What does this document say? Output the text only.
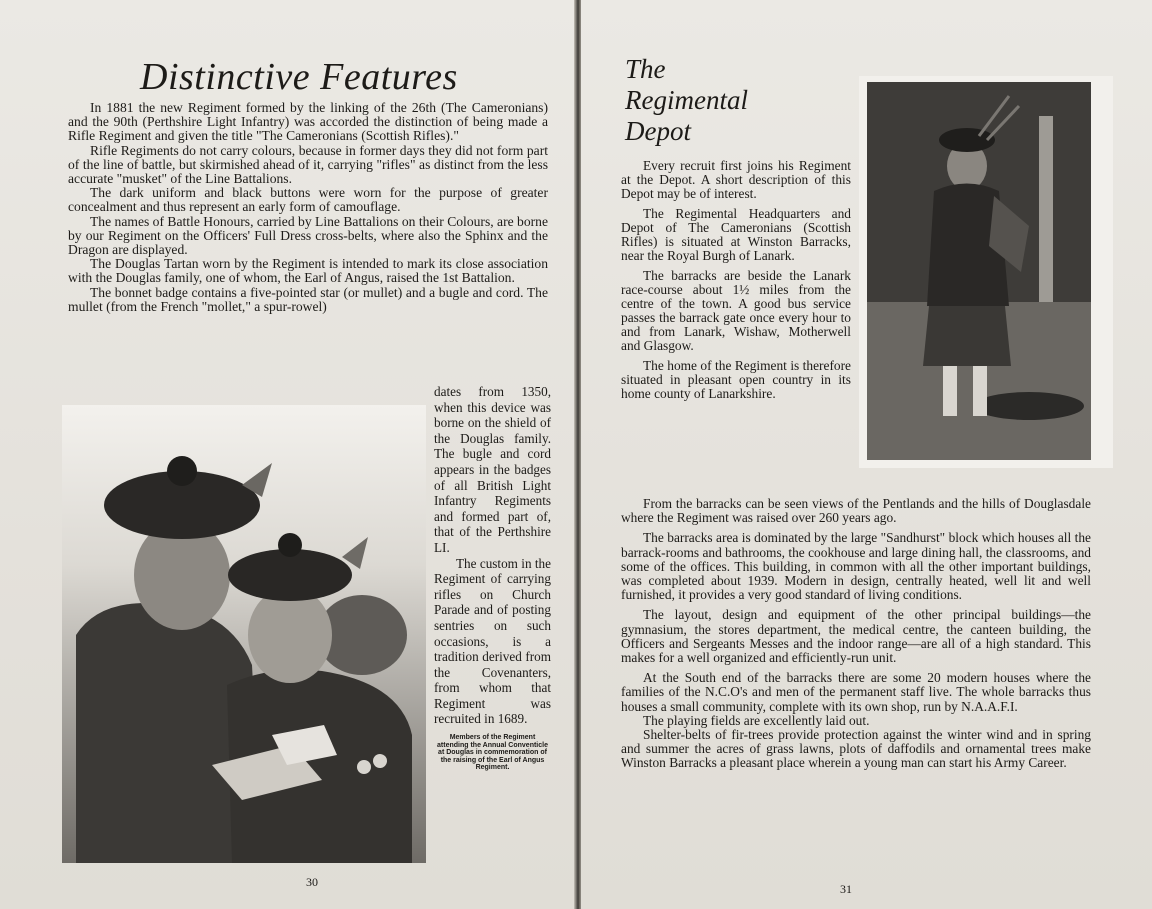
Distinctive Features

In 1881 the new Regiment formed by the linking of the 26th (The Cameronians) and the 90th (Perthshire Light Infantry) was accorded the distinction of being made a Rifle Regiment and given the title "The Cameronians (Scottish Rifles)."

Rifle Regiments do not carry colours, because in former days they did not form part of the line of battle, but skirmished ahead of it, carrying "rifles" as distinct from the less accurate "musket" of the Line Battalions.

The dark uniform and black buttons were worn for the purpose of greater concealment and thus represent an early form of camouflage.

The names of Battle Honours, carried by Line Battalions on their Colours, are borne by our Regiment on the Officers' Full Dress cross-belts, where also the Sphinx and the Dragon are displayed.

The Douglas Tartan worn by the Regiment is intended to mark its close association with the Douglas family, one of whom, the Earl of Angus, raised the 1st Battalion.

The bonnet badge contains a five-pointed star (or mullet) and a bugle and cord. The mullet (from the French "mollet," a spur-rowel)

dates from 1350, when this device was borne on the shield of the Douglas family. The bugle and cord appears in the badges of all British Light Infantry Regiments and formed part of, that of the Perthshire LI.

The custom in the Regiment of carrying rifles on Church Parade and of posting sentries on such occasions, is a tradition derived from the Covenanters, from whom that Regiment was recruited in 1689.

Members of the Regiment attending the Annual Conventicle at Douglas in commemoration of the raising of the Earl of Angus Regiment.

30
The
Regimental
Depot

Every recruit first joins his Regiment at the Depot. A short description of this Depot may be of interest.

The Regimental Headquarters and Depot of The Cameronians (Scottish Rifles) is situated at Winston Barracks, near the Royal Burgh of Lanark.

The barracks are beside the Lanark race-course about 1½ miles from the centre of the town. A good bus service passes the barrack gate once every hour to and from Lanark, Wishaw, Motherwell and Glasgow.

The home of the Regiment is therefore situated in pleasant open country in its home county of Lanarkshire.

From the barracks can be seen views of the Pentlands and the hills of Douglasdale where the Regiment was raised over 260 years ago.

The barracks area is dominated by the large "Sandhurst" block which houses all the barrack-rooms and bathrooms, the cookhouse and large dining hall, the classrooms, and some of the offices. This building, in common with all the other important buildings, was completed about 1939. Modern in design, centrally heated, well lit and well furnished, it provides a very good standard of living conditions.

The layout, design and equipment of the other principal buildings—the gymnasium, the stores department, the medical centre, the canteen building, the Officers and Sergeants Messes and the indoor range—are all of a high standard. This makes for a well organized and efficiently-run unit.

At the South end of the barracks there are some 20 modern houses where the families of the N.C.O's and men of the permanent staff live. The whole barracks thus houses a small community, complete with its own shop, run by N.A.A.F.I.

The playing fields are excellently laid out.

Shelter-belts of fir-trees provide protection against the winter wind and in spring and summer the acres of grass lawns, plots of daffodils and ornamental trees make Winston Barracks a pleasant place wherein a young man can start his Army Career.

31
